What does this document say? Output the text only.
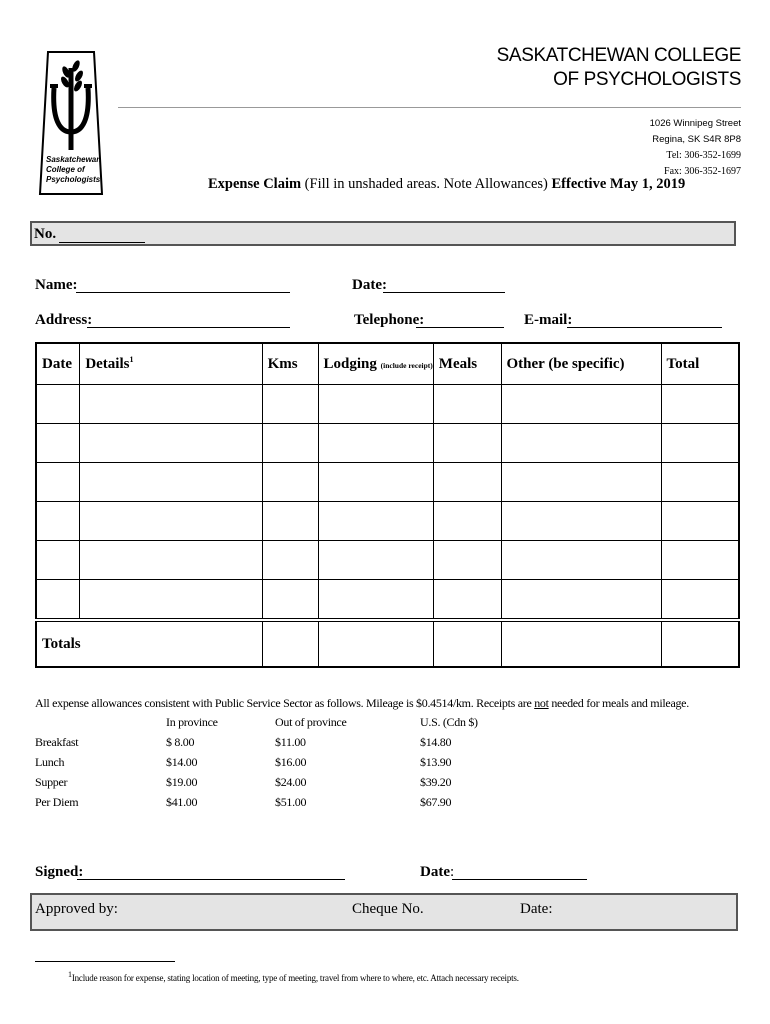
Saskatchewan
College of
Psychologists
SASKATCHEWAN COLLEGE
OF PSYCHOLOGISTS
1026 Winnipeg Street
Regina, SK S4R 8P8
Tel: 306-352-1699
Fax: 306-352-1697
Expense Claim (Fill in unshaded areas. Note Allowances) Effective May 1, 2019
No.
Name:	Date:
Address:	Telephone:	E-mail:
Date	Details$^1$	Kms	Lodging (include receipt)	Meals	Other (be specific)	Total

Totals						
All expense allowances consistent with Public Service Sector as follows. Mileage is $0.4514/km. Receipts are not needed for meals and mileage.
In province	Out of province	U.S. (Cdn $)
Breakfast	$ 8.00	$11.00	$14.80
Lunch	$14.00	$16.00	$13.90
Supper	$19.00	$24.00	$39.20
Per Diem	$41.00	$51.00	$67.90
Signed:	Date:
Approved by:	Cheque No.	Date:
$^1$Include reason for expense, stating location of meeting, type of meeting, travel from where to where, etc. Attach necessary receipts.
